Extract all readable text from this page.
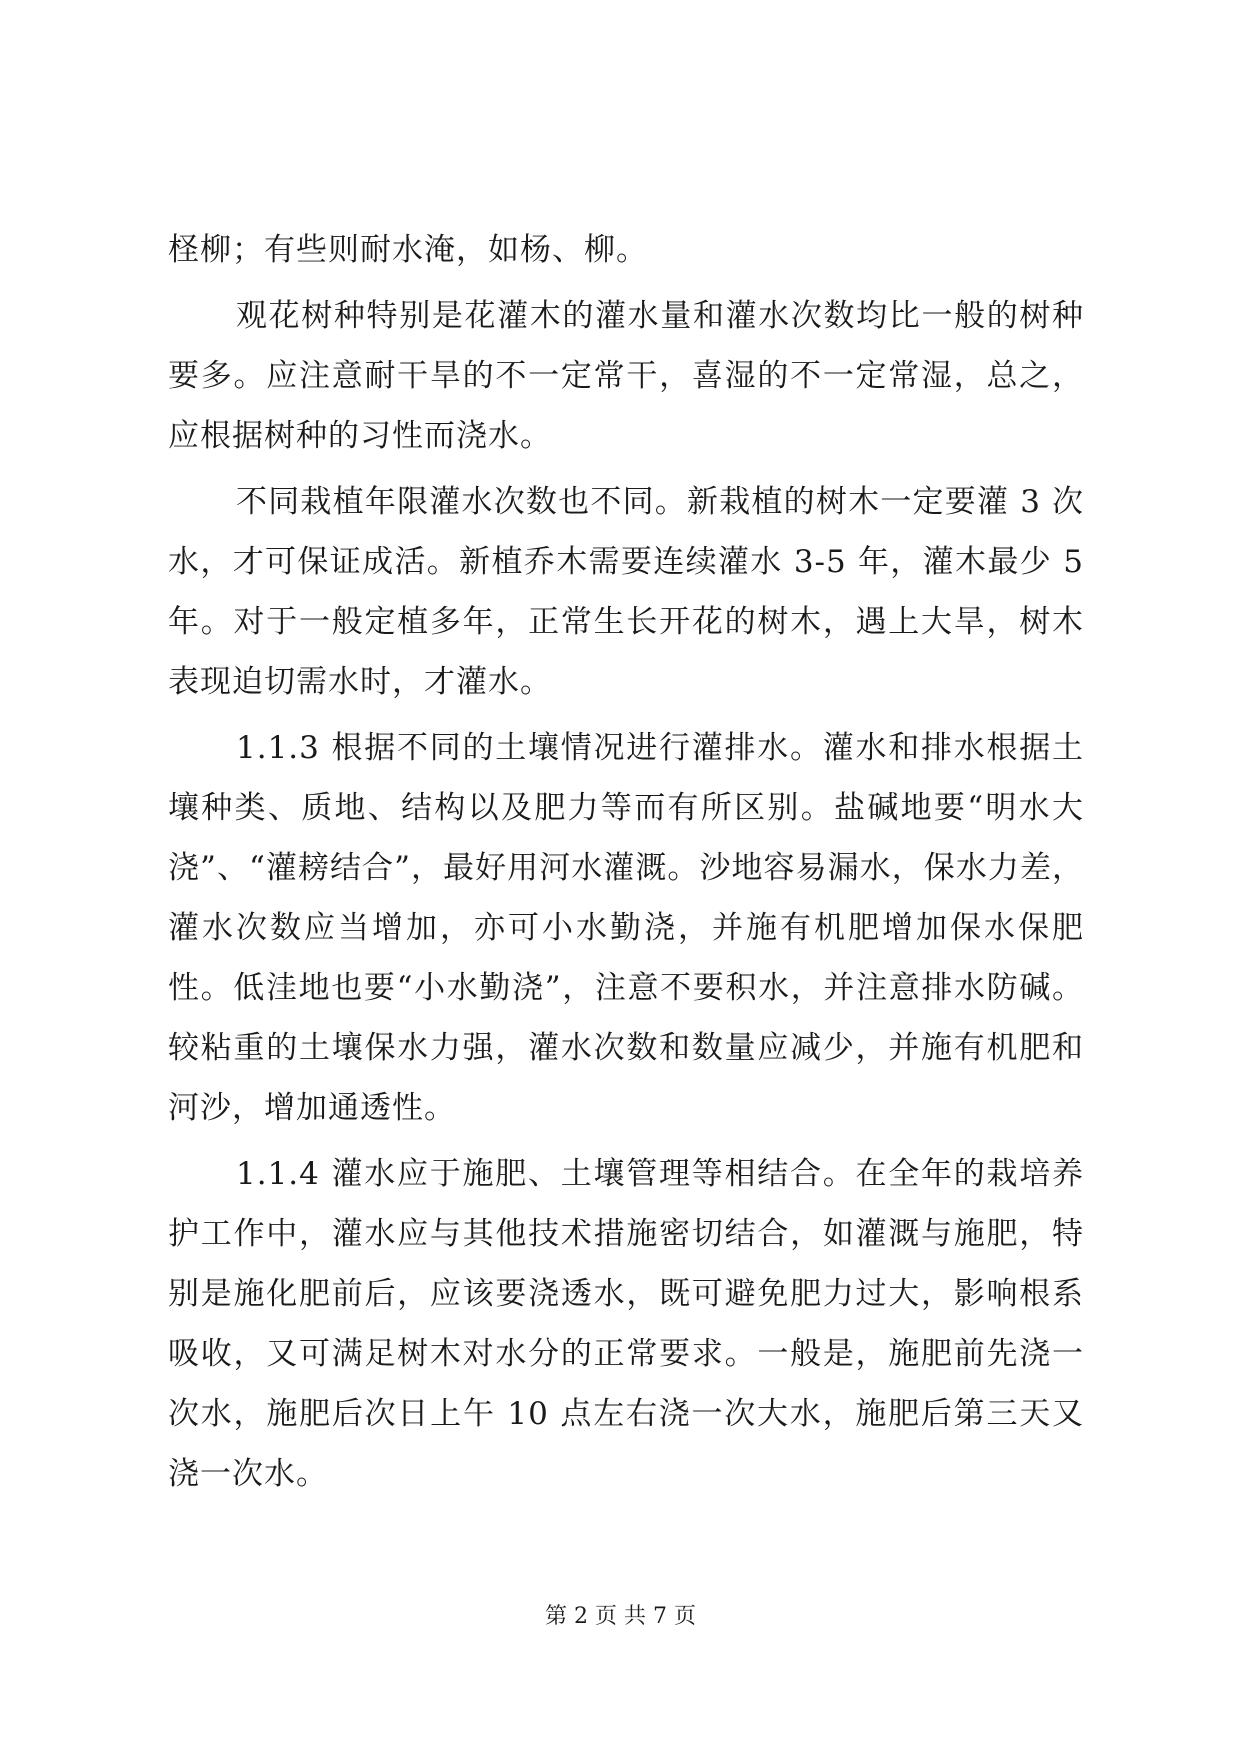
柽柳；有些则耐水淹，如杨、柳。

观花树种特别是花灌木的灌水量和灌水次数均比一般的树种要多。应注意耐干旱的不一定常干，喜湿的不一定常湿，总之，应根据树种的习性而浇水。

不同栽植年限灌水次数也不同。新栽植的树木一定要灌 3 次水，才可保证成活。新植乔木需要连续灌水 3-5 年，灌木最少 5 年。对于一般定植多年，正常生长开花的树木，遇上大旱，树木表现迫切需水时，才灌水。

1.1.3 根据不同的土壤情况进行灌排水。灌水和排水根据土壤种类、质地、结构以及肥力等而有所区别。盐碱地要“明水大浇”、“灌耪结合”，最好用河水灌溉。沙地容易漏水，保水力差，灌水次数应当增加，亦可小水勤浇，并施有机肥增加保水保肥性。低洼地也要“小水勤浇”，注意不要积水，并注意排水防碱。较粘重的土壤保水力强，灌水次数和数量应减少，并施有机肥和河沙，增加通透性。

1.1.4 灌水应于施肥、土壤管理等相结合。在全年的栽培养护工作中，灌水应与其他技术措施密切结合，如灌溉与施肥，特别是施化肥前后，应该要浇透水，既可避免肥力过大，影响根系吸收，又可满足树木对水分的正常要求。一般是，施肥前先浇一次水，施肥后次日上午 10 点左右浇一次大水，施肥后第三天又浇一次水。

第 2 页 共 7 页
